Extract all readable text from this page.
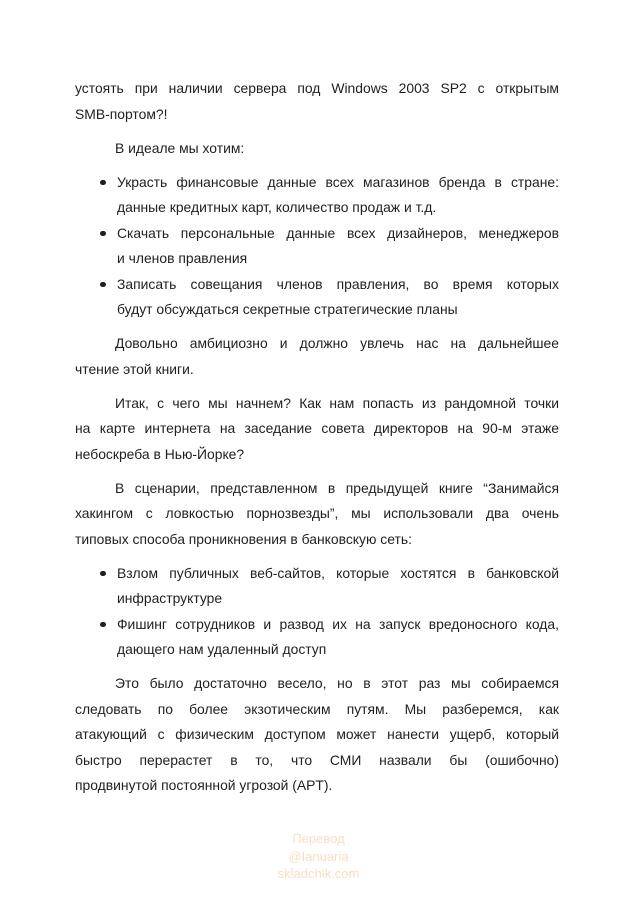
устоять при наличии сервера под Windows 2003 SP2 с открытым
SMB-портом?!
В идеале мы хотим:
Украсть финансовые данные всех магазинов бренда в стране:
данные кредитных карт, количество продаж и т.д.
Скачать персональные данные всех дизайнеров, менеджеров
и членов правления
Записать совещания членов правления, во время которых
будут обсуждаться секретные стратегические планы
Довольно амбициозно и должно увлечь нас на дальнейшее
чтение этой книги.
Итак, с чего мы начнем? Как нам попасть из рандомной точки
на карте интернета на заседание совета директоров на 90-м этаже
небоскреба в Нью-Йорке?
В сценарии, представленном в предыдущей книге “Занимайся
хакингом с ловкостью порнозвезды”, мы использовали два очень
типовых способа проникновения в банковскую сеть:
Взлом публичных веб-сайтов, которые хостятся в банковской
инфраструктуре
Фишинг сотрудников и развод их на запуск вредоносного кода,
дающего нам удаленный доступ
Это было достаточно весело, но в этот раз мы собираемся
следовать по более экзотическим путям. Мы разберемся, как
атакующий с физическим доступом может нанести ущерб, который
быстро перерастет в то, что СМИ назвали бы (ошибочно)
продвинутой постоянной угрозой (APT).
Перевод
@Ianuaria
skladchik.com
